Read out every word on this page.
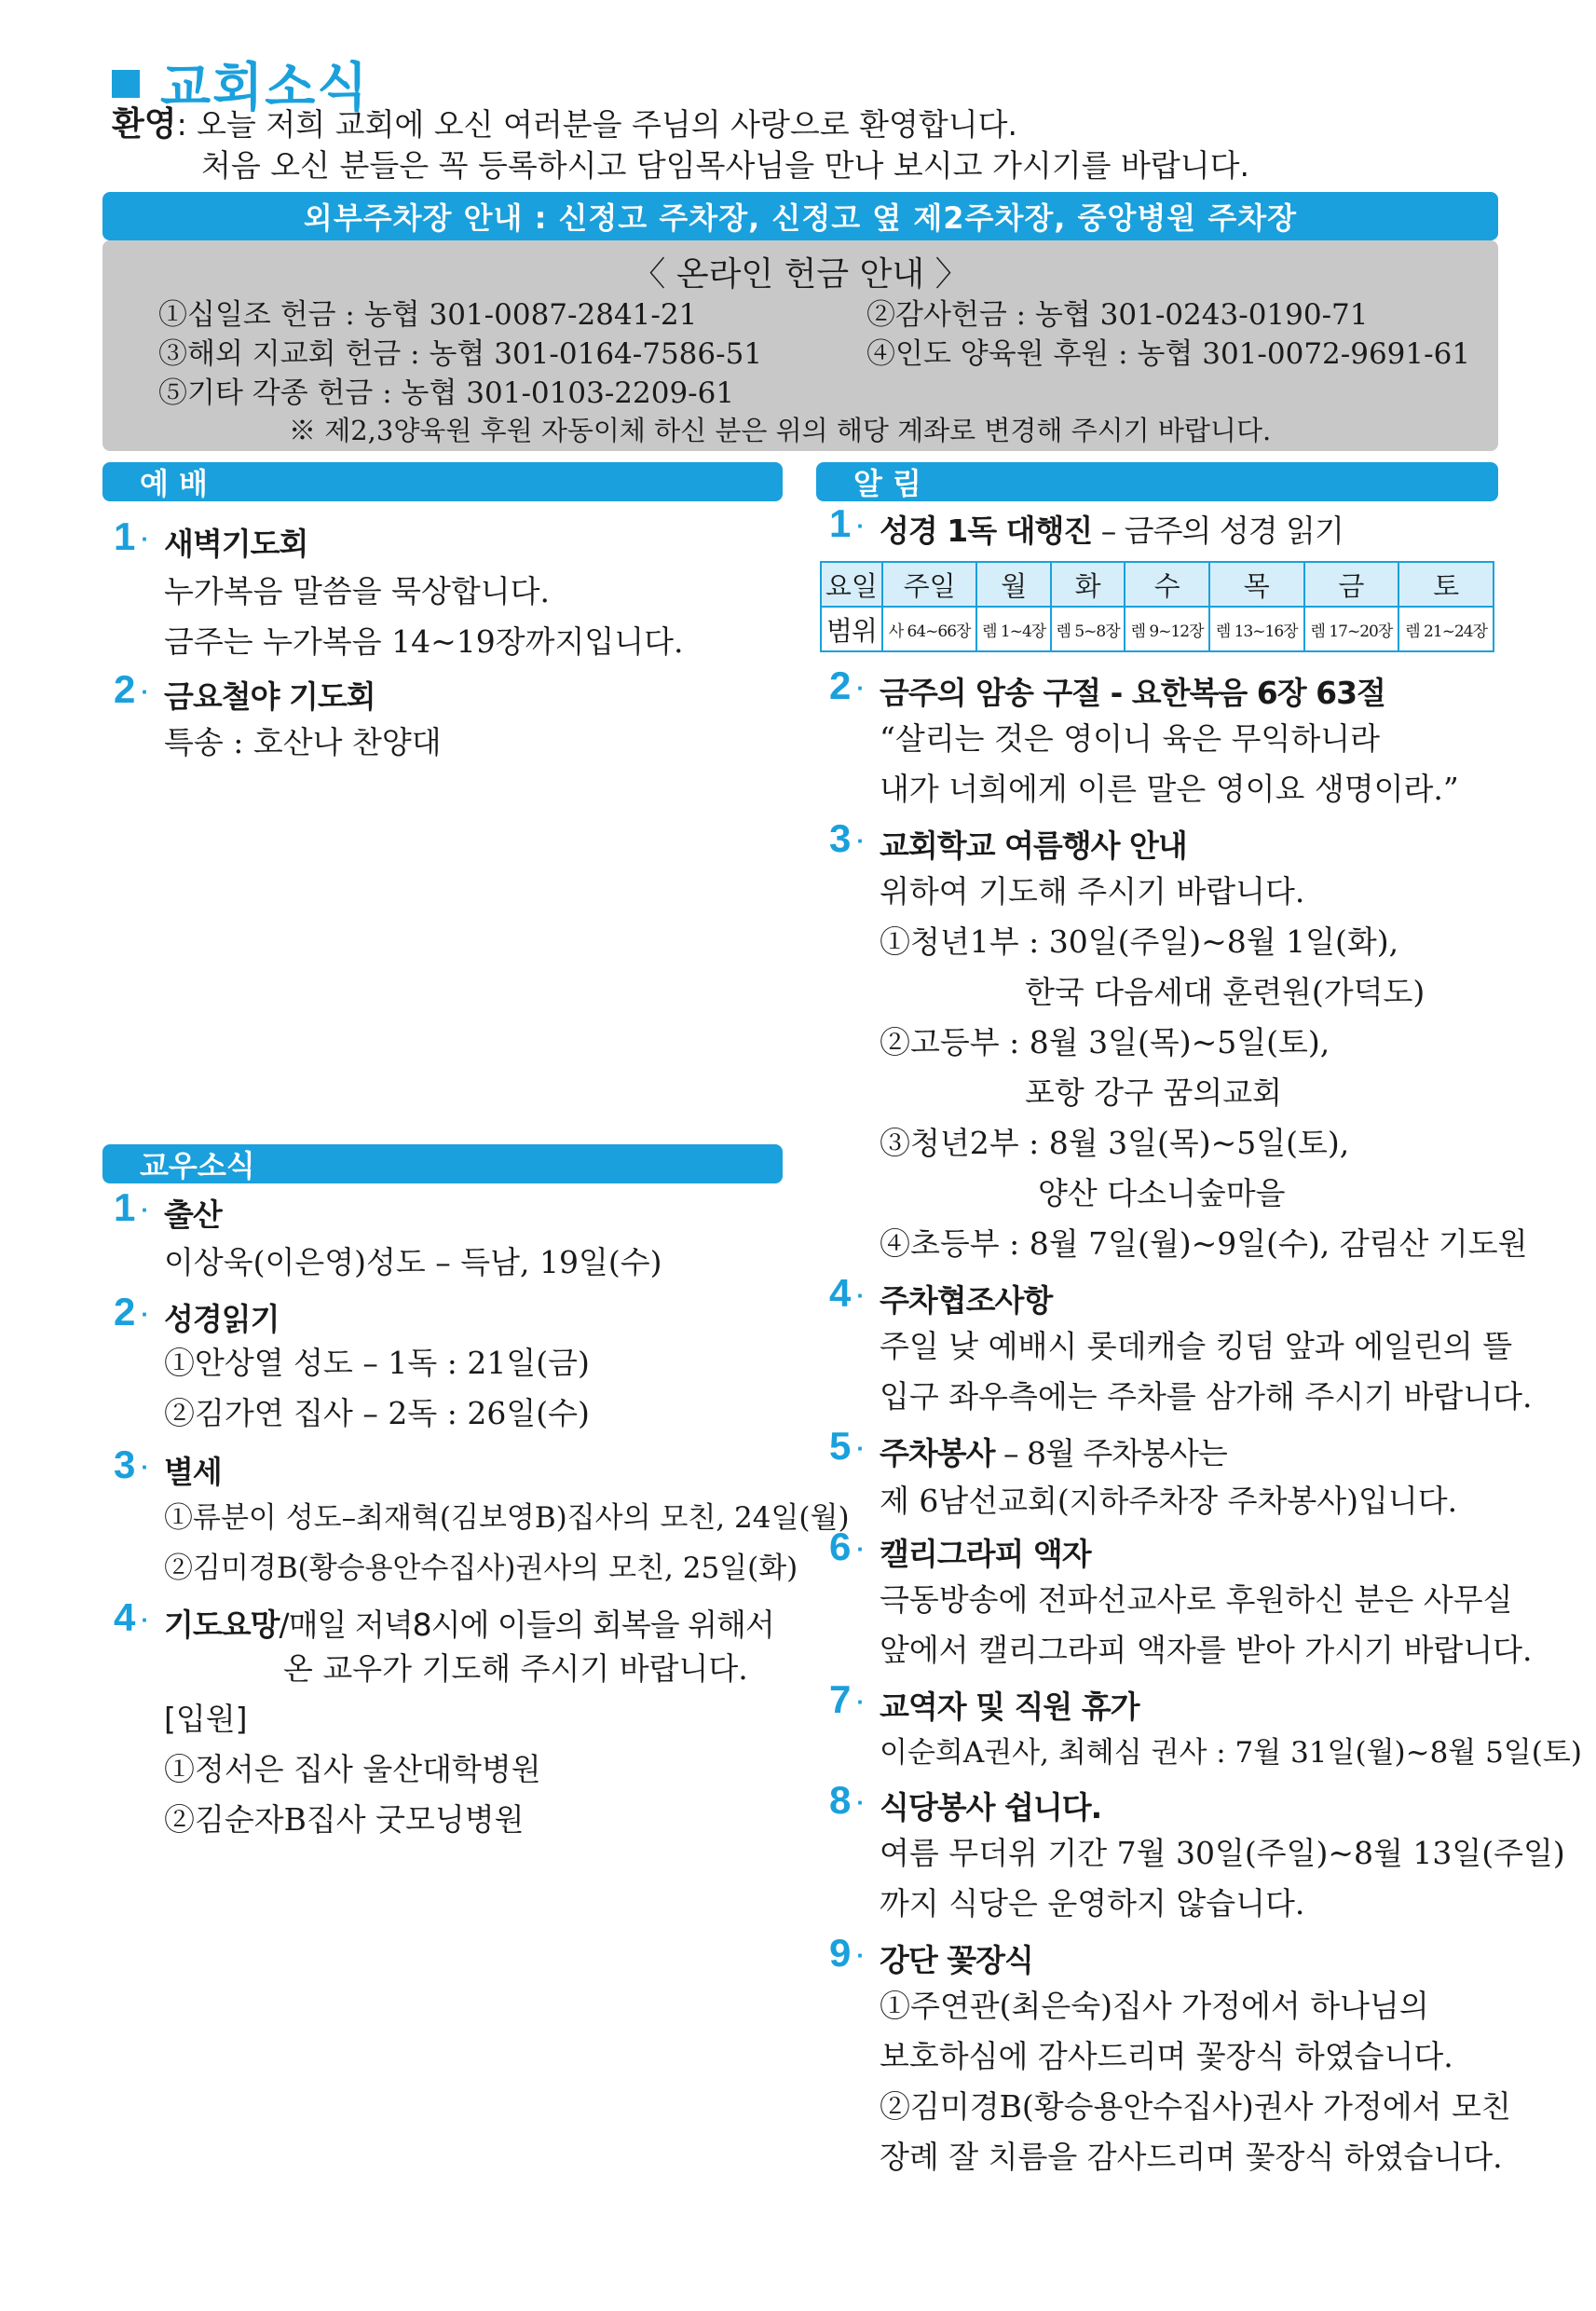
교회소식
환영: 오늘 저희 교회에 오신 여러분을 주님의 사랑으로 환영합니다.
처음 오신 분들은 꼭 등록하시고 담임목사님을 만나 보시고 가시기를 바랍니다.
외부주차장 안내 : 신정고 주차장, 신정고 옆 제2주차장, 중앙병원 주차장
〈 온라인 헌금 안내 〉
①십일조 헌금 : 농협 301-0087-2841-21	②감사헌금 : 농협 301-0243-0190-71
③해외 지교회 헌금 : 농협 301-0164-7586-51	④인도 양육원 후원 : 농협 301-0072-9691-61
⑤기타 각종 헌금 : 농협 301-0103-2209-61
※ 제2,3양육원 후원 자동이체 하신 분은 위의 해당 계좌로 변경해 주시기 바랍니다.
예 배	알 림
교우소식
1 · 새벽기도회
누가복음 말씀을 묵상합니다.
금주는 누가복음 14~19장까지입니다.
2 · 금요철야 기도회
특송 : 호산나 찬양대
1 · 출산
이상욱(이은영)성도 – 득남, 19일(수)
2 · 성경읽기
①안상열 성도 – 1독 : 21일(금)
②김가연 집사 – 2독 : 26일(수)
3 · 별세
①류분이 성도–최재혁(김보영B)집사의 모친, 24일(월)
②김미경B(황승용안수집사)권사의 모친, 25일(화)
4 · 기도요망/매일 저녁8시에 이들의 회복을 위해서
온 교우가 기도해 주시기 바랍니다.
[입원]
①정서은 집사 울산대학병원
②김순자B집사 굿모닝병원
1 · 성경 1독 대행진 – 금주의 성경 읽기
요일	주일	월	화	수	목	금	토
범위	사 64~66장	렘 1~4장	렘 5~8장	렘 9~12장	렘 13~16장	렘 17~20장	렘 21~24장
2 · 금주의 암송 구절 - 요한복음 6장 63절
“살리는 것은 영이니 육은 무익하니라
내가 너희에게 이른 말은 영이요 생명이라.”
3 · 교회학교 여름행사 안내
위하여 기도해 주시기 바랍니다.
①청년1부 : 30일(주일)~8월 1일(화),
한국 다음세대 훈련원(가덕도)
②고등부 : 8월 3일(목)~5일(토),
포항 강구 꿈의교회
③청년2부 : 8월 3일(목)~5일(토),
양산 다소니숲마을
④초등부 : 8월 7일(월)~9일(수), 감림산 기도원
4 · 주차협조사항
주일 낮 예배시 롯데캐슬 킹덤 앞과 에일린의 뜰
입구 좌우측에는 주차를 삼가해 주시기 바랍니다.
5 · 주차봉사 – 8월 주차봉사는
제 6남선교회(지하주차장 주차봉사)입니다.
6 · 캘리그라피 액자
극동방송에 전파선교사로 후원하신 분은 사무실
앞에서 캘리그라피 액자를 받아 가시기 바랍니다.
7 · 교역자 및 직원 휴가
이순희A권사, 최혜심 권사 : 7월 31일(월)~8월 5일(토)
8 · 식당봉사 쉽니다.
여름 무더위 기간 7월 30일(주일)~8월 13일(주일)
까지 식당은 운영하지 않습니다.
9 · 강단 꽃장식
①주연관(최은숙)집사 가정에서 하나님의
보호하심에 감사드리며 꽃장식 하였습니다.
②김미경B(황승용안수집사)권사 가정에서 모친
장례 잘 치름을 감사드리며 꽃장식 하였습니다.
